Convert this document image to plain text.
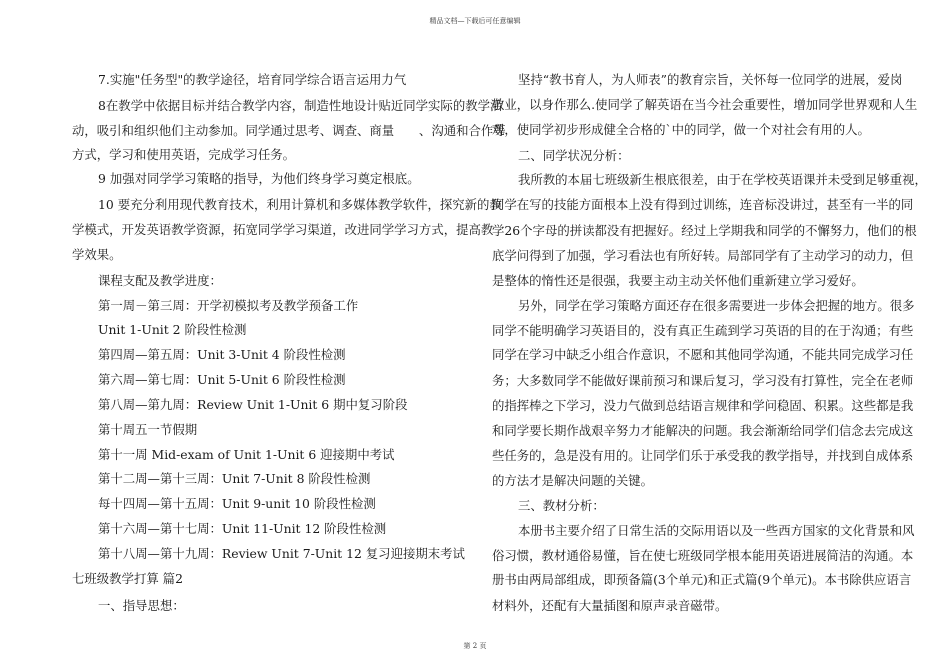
精品文档—下载后可任意编辑
7.实施"任务型"的教学途径，培育同学综合语言运用力气
8在教学中依据目标并结合教学内容，制造性地设计贴近同学实际的教学活
动，吸引和组织他们主动参加。同学通过思考、调查、商量　　、沟通和合作等
方式，学习和使用英语，完成学习任务。
9 加强对同学学习策略的指导，为他们终身学习奠定根底。
10 要充分利用现代教育技术，利用计算机和多媒体教学软件，探究新的教
学模式，开发英语教学资源，拓宽同学学习渠道，改进同学学习方式，提高教
学效果。
课程支配及教学进度：
第一周－第三周：开学初模拟考及教学预备工作
Unit 1-Unit 2 阶段性检测
第四周—第五周：Unit 3-Unit 4 阶段性检测
第六周—第七周：Unit 5-Unit 6 阶段性检测
第八周—第九周：Review Unit 1-Unit 6 期中复习阶段
第十周五一节假期
第十一周 Mid-exam of Unit 1-Unit 6 迎接期中考试
第十二周—第十三周：Unit 7-Unit 8 阶段性检测
每十四周—第十五周：Unit 9-unit 10 阶段性检测
第十六周—第十七周：Unit 11-Unit 12 阶段性检测
第十八周—第十九周：Review Unit 7-Unit 12 复习迎接期末考试
七班级教学打算 篇2
一、指导思想：
坚持“教书育人，为人师表”的教育宗旨，关怀每一位同学的进展，爱岗
敬业，以身作那么.使同学了解英语在当今社会重要性，增加同学世界观和人生
观，使同学初步形成健全合格的`中的同学，做一个对社会有用的人。
二、同学状况分析：
我所教的本届七班级新生根底很差，由于在学校英语课并未受到足够重视，
同学在写的技能方面根本上没有得到过训练，连音标没讲过，甚至有一半的同
学26个字母的拼读都没有把握好。经过上学期我和同学的不懈努力，他们的根
底学问得到了加强，学习看法也有所好转。局部同学有了主动学习的动力，但
是整体的惰性还是很强，我要主动主动关怀他们重新建立学习爱好。
另外，同学在学习策略方面还存在很多需要进一步体会把握的地方。很多
同学不能明确学习英语目的，没有真正生疏到学习英语的目的在于沟通；有些
同学在学习中缺乏小组合作意识，不愿和其他同学沟通，不能共同完成学习任
务；大多数同学不能做好课前预习和课后复习，学习没有打算性，完全在老师
的指挥棒之下学习，没力气做到总结语言规律和学问稳固、积累。这些都是我
和同学要长期作战艰辛努力才能解决的问题。我会渐渐给同学们信念去完成这
些任务的，急是没有用的。让同学们乐于承受我的教学指导，并找到自成体系
的方法才是解决问题的关键。
三、教材分析：
本册书主要介绍了日常生活的交际用语以及一些西方国家的文化背景和风
俗习惯，教材通俗易懂，旨在使七班级同学根本能用英语进展简洁的沟通。本
册书由两局部组成，即预备篇(3个单元)和正式篇(9个单元)。本书除供应语言
材料外，还配有大量插图和原声录音磁带。
第 2 页
